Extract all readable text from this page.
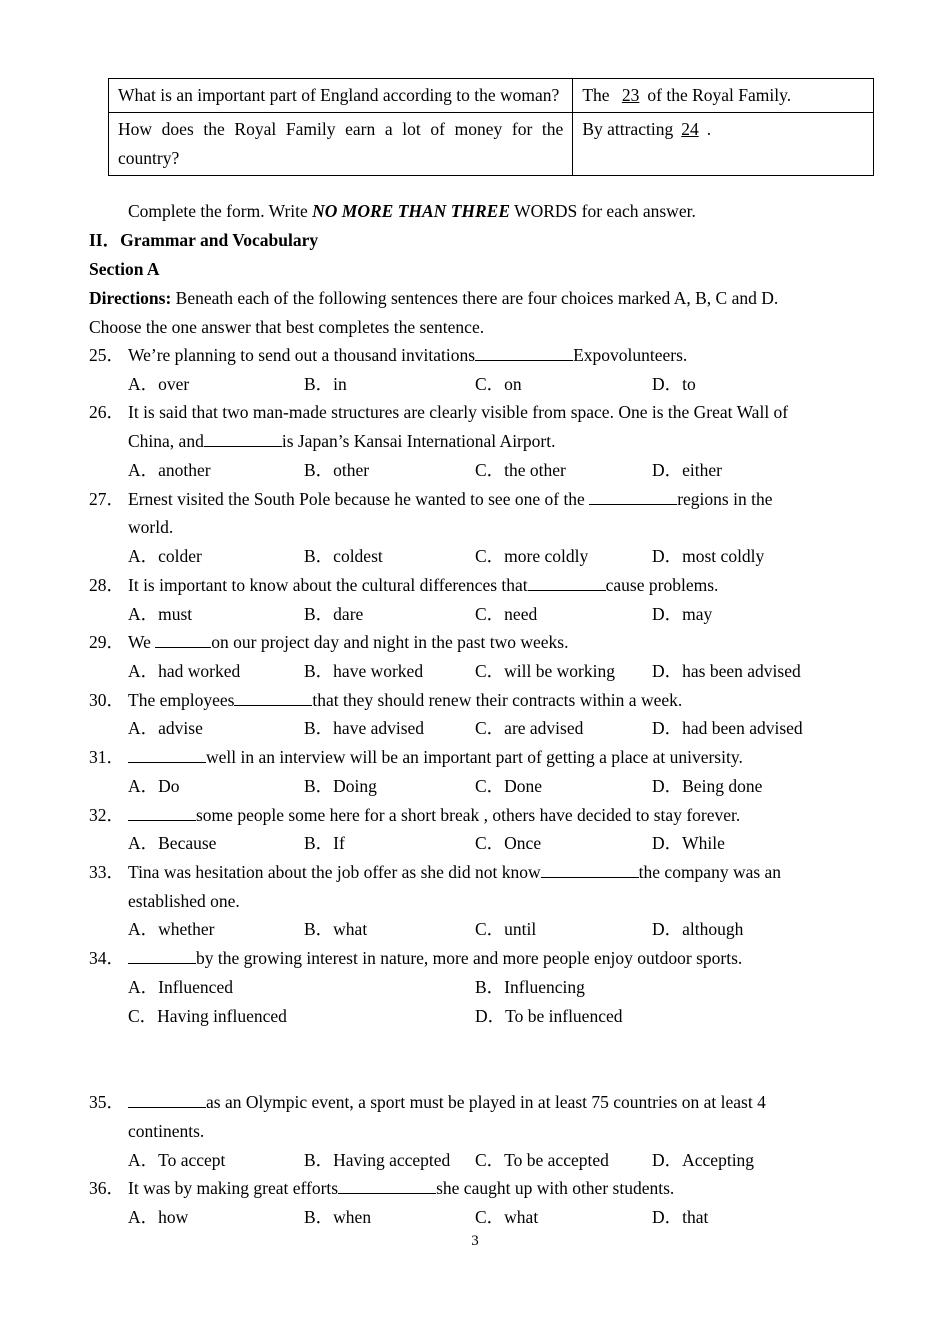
What is an important part of England according to the woman?	The 23 of the Royal Family.
How does the Royal Family earn a lot of money for the country?	By attracting 24 .
Complete the form. Write NO MORE THAN THREE WORDS for each answer.
II．Grammar and Vocabulary
Section A
Directions: Beneath each of the following sentences there are four choices marked A, B, C and D.
Choose the one answer that best completes the sentence.
25． We’re planning to send out a thousand invitations	Expovolunteers.
A．over	B．in	C．on	D．to
26． It is said that two man-made structures are clearly visible from space. One is the Great Wall of
China, and	is Japan’s Kansai International Airport.
A．another	B．other	C．the other	D．either
27． Ernest visited the South Pole because he wanted to see one of the	regions in the
world.
A．colder	B．coldest	C．more coldly	D．most coldly
28． It is important to know about the cultural differences that	cause problems.
A．must	B．dare	C．need	D．may
29． We	on our project day and night in the past two weeks.
A．had worked	B．have worked	C．will be working D．has been advised
30． The employees	that they should renew their contracts within a week.
A．advise	B．have advised	C．are advised	D．had been advised
31．	well in an interview will be an important part of getting a place at university.
A．Do	B．Doing	C．Done	D．Being done
32．	some people some here for a short break , others have decided to stay forever.
A．Because	B．If	C．Once	D．While
33． Tina was hesitation about the job offer as she did not know	the company was an
established one.
A．whether	B．what	C．until	D．although
34．	by the growing interest in nature, more and more people enjoy outdoor sports.
A．Influenced	B．Influencing
C．Having influenced	D．To be influenced
35．	as an Olympic event, a sport must be played in at least 75 countries on at least 4
continents.
A．To accept	B．Having accepted C．To be accepted D．Accepting
36． It was by making great efforts	she caught up with other students.
A．how	B．when	C．what	D．that
3
